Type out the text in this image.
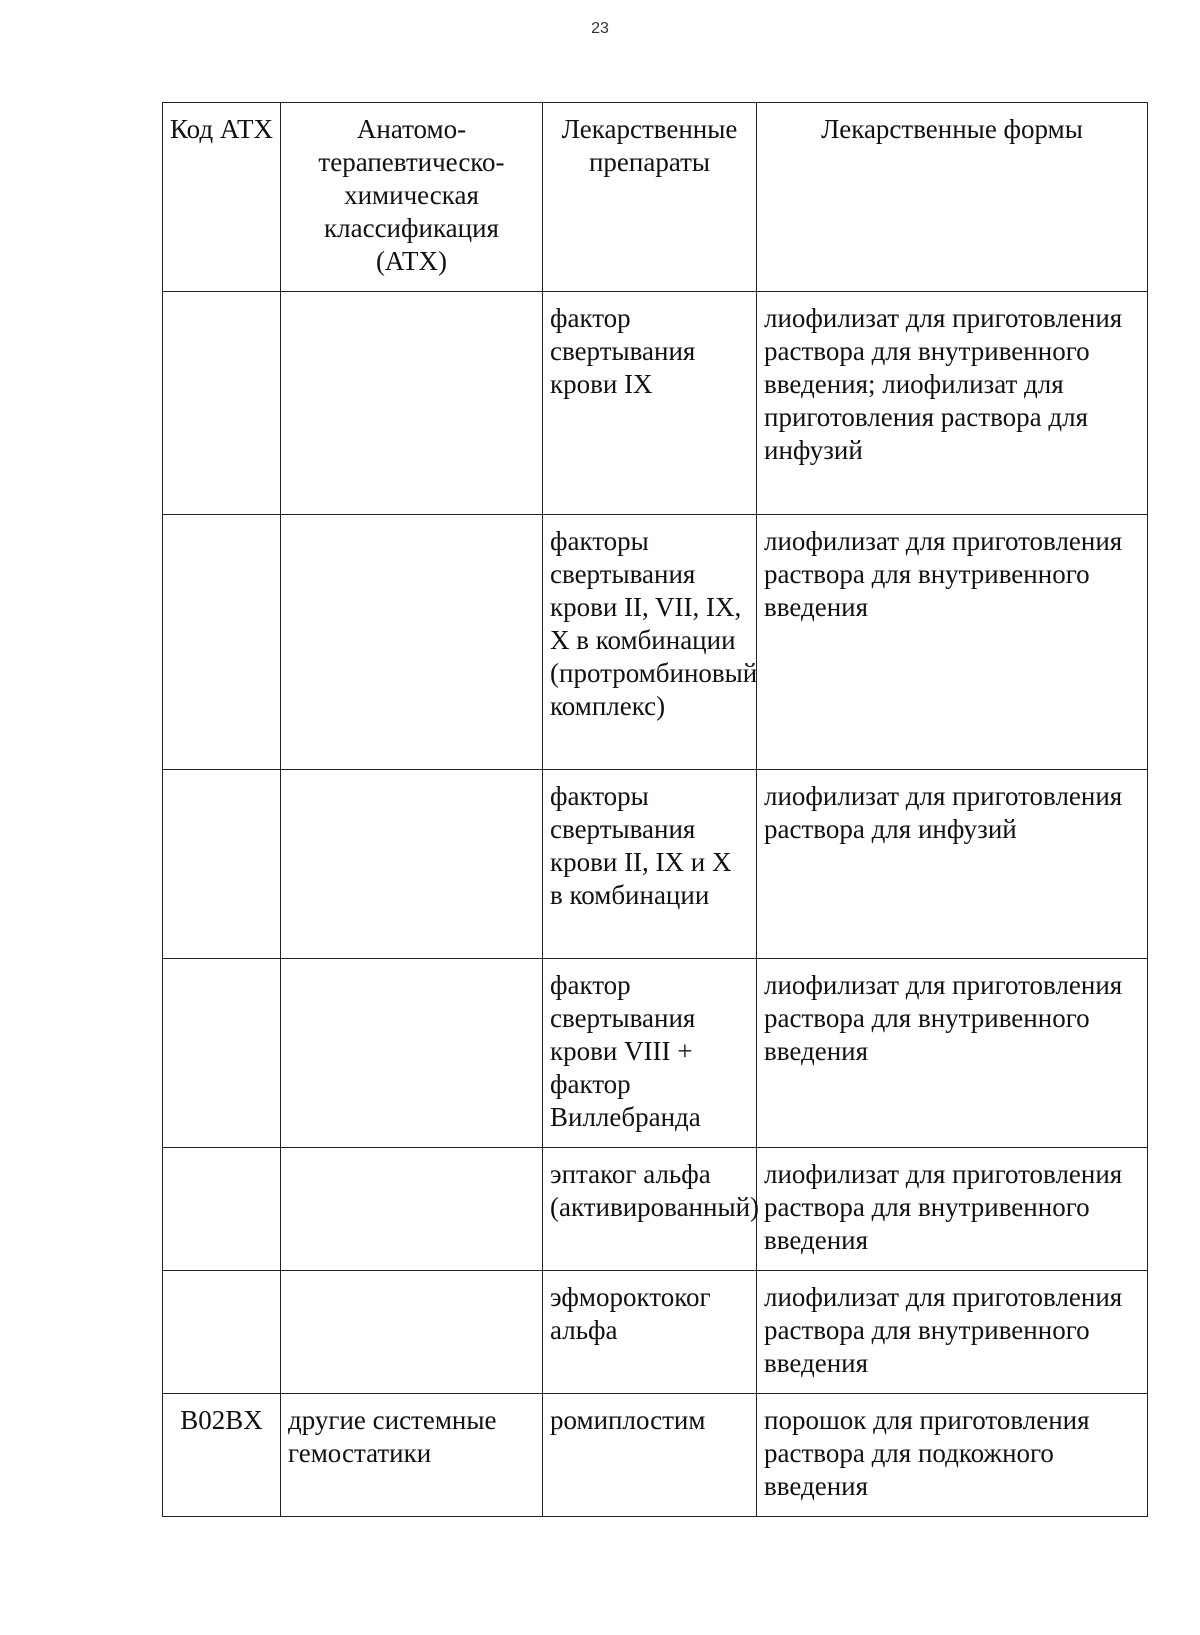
23
Код АТХ	Анатомо-терапевтическо-химическая классификация (АТХ)	Лекарственные препараты	Лекарственные формы
		фактор свертывания крови IX	лиофилизат для приготовления раствора для внутривенного введения; лиофилизат для приготовления раствора для инфузий
		факторы свертывания крови II, VII, IX, X в комбинации (протромбиновый комплекс)	лиофилизат для приготовления раствора для внутривенного введения
		факторы свертывания крови II, IX и X в комбинации	лиофилизат для приготовления раствора для инфузий
		фактор свертывания крови VIII + фактор Виллебранда	лиофилизат для приготовления раствора для внутривенного введения
		эптаког альфа (активированный)	лиофилизат для приготовления раствора для внутривенного введения
		эфмороктоког альфа	лиофилизат для приготовления раствора для внутривенного введения
B02BX	другие системные гемостатики	ромиплостим	порошок для приготовления раствора для подкожного введения
